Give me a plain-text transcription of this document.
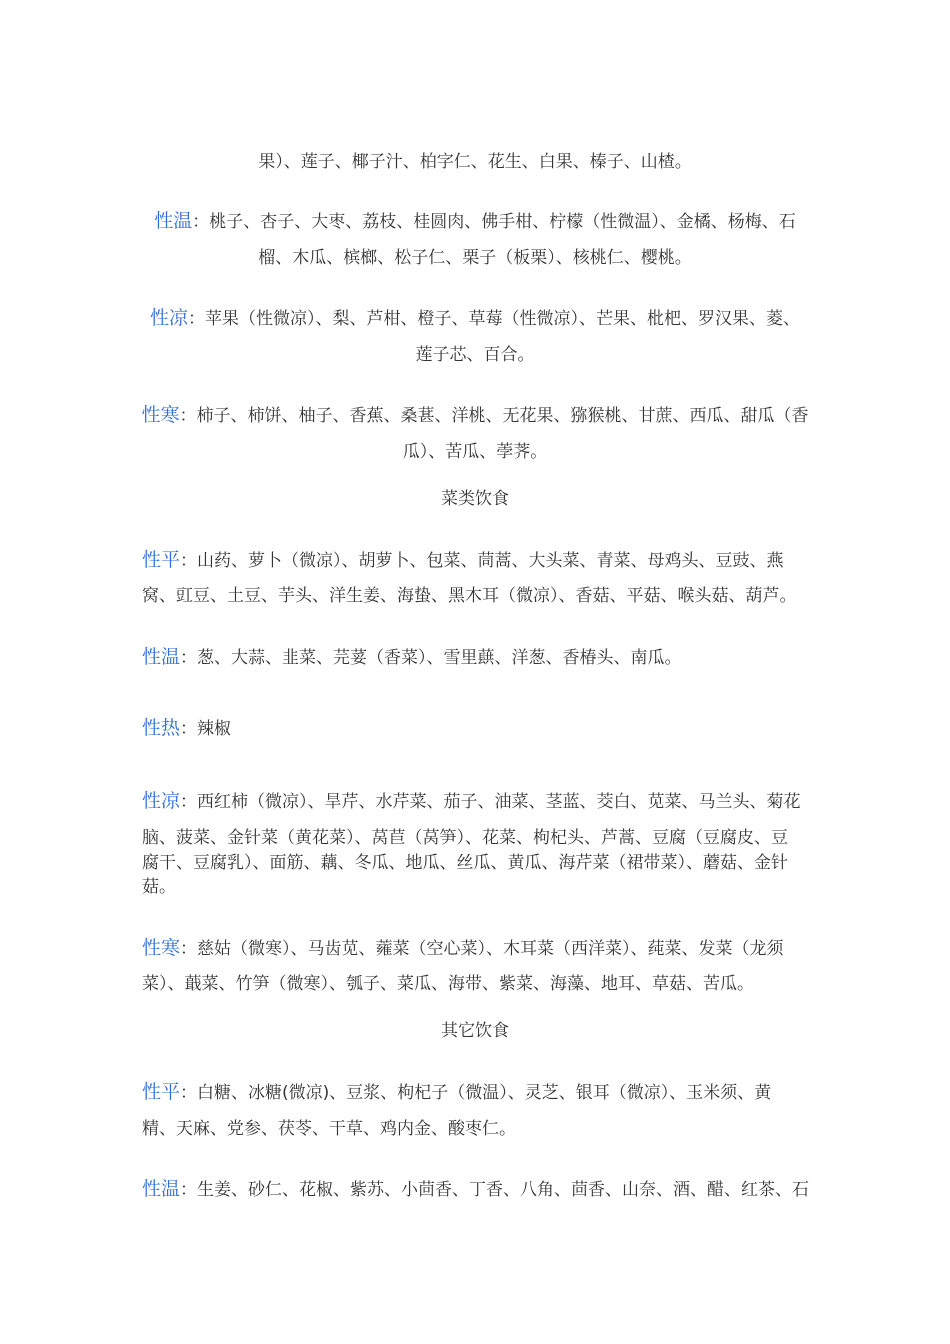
果）、莲子、椰子汁、柏字仁、花生、白果、榛子、山楂。
性温：桃子、杏子、大枣、荔枝、桂圆肉、佛手柑、柠檬（性微温）、金橘、杨梅、石
榴、木瓜、槟榔、松子仁、栗子（板栗）、核桃仁、樱桃。
性凉：苹果（性微凉）、梨、芦柑、橙子、草莓（性微凉）、芒果、枇杷、罗汉果、菱、
莲子芯、百合。
性寒：柿子、柿饼、柚子、香蕉、桑葚、洋桃、无花果、猕猴桃、甘蔗、西瓜、甜瓜（香
瓜）、苦瓜、荸荠。
菜类饮食
性平：山药、萝卜（微凉）、胡萝卜、包菜、茼蒿、大头菜、青菜、母鸡头、豆豉、燕
窝、豇豆、土豆、芋头、洋生姜、海蛰、黑木耳（微凉）、香菇、平菇、喉头菇、葫芦。
性温：葱、大蒜、韭菜、芫荽（香菜）、雪里蕻、洋葱、香椿头、南瓜。
性热：辣椒
性凉：西红柿（微凉）、旱芹、水芹菜、茄子、油菜、茎蓝、茭白、苋菜、马兰头、菊花
脑、菠菜、金针菜（黄花菜）、莴苣（莴笋）、花菜、枸杞头、芦蒿、豆腐（豆腐皮、豆
腐干、豆腐乳）、面筋、藕、冬瓜、地瓜、丝瓜、黄瓜、海芹菜（裙带菜）、蘑菇、金针
菇。
性寒：慈姑（微寒）、马齿苋、蕹菜（空心菜）、木耳菜（西洋菜）、莼菜、发菜（龙须
菜）、蕺菜、竹笋（微寒）、瓠子、菜瓜、海带、紫菜、海藻、地耳、草菇、苦瓜。
其它饮食
性平：白糖、冰糖(微凉)、豆浆、枸杞子（微温）、灵芝、银耳（微凉）、玉米须、黄
精、天麻、党参、茯苓、干草、鸡内金、酸枣仁。
性温：生姜、砂仁、花椒、紫苏、小茴香、丁香、八角、茴香、山奈、酒、醋、红茶、石
